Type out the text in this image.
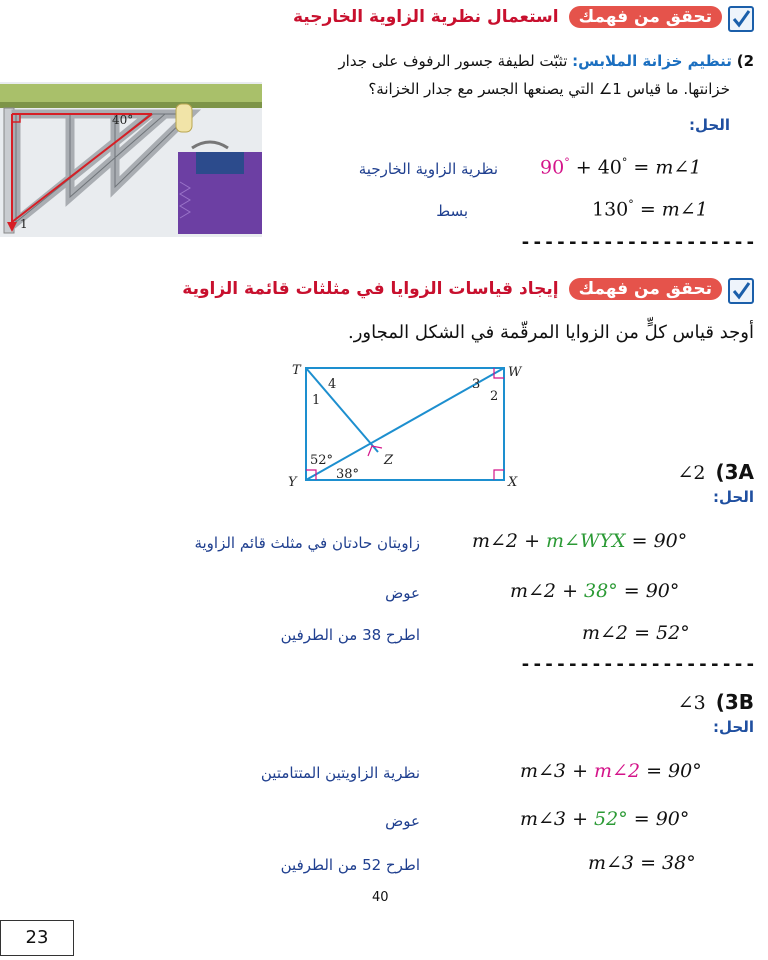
تحقق من فهمك
استعمال نظرية الزاوية الخارجية
2) تنظيم خزانة الملابس: تثبّت لطيفة جسور الرفوف على جدار
خزانتها. ما قياس 1∠ التي يصنعها الجسر مع جدار الخزانة؟
الحل:
40°
1
نظرية الزاوية الخارجية 90° + 40° = m∠1
بسط	130° = m∠1
--------------------
تحقق من فهمك
إيجاد قياسات الزوايا في مثلثات قائمة الزاوية
أوجد قياس كلٍّ من الزوايا المرقّمة في الشكل المجاور.
T	W
X
Y
Z
4
1
3
2
52°
38°	∠2 (3A
الحل:
زاويتان حادتان في مثلث قائم الزاوية	m∠2 + m∠WYX = 90°
عوض	m∠2 + 38° = 90°
اطرح 38 من الطرفين	m∠2 = 52°
--------------------
∠3 (3B
الحل:
نظرية الزاويتين المتتامتين	m∠3 + m∠2 = 90°
عوض	m∠3 + 52° = 90°
اطرح 52 من الطرفين	m∠3 = 38°
40
23
